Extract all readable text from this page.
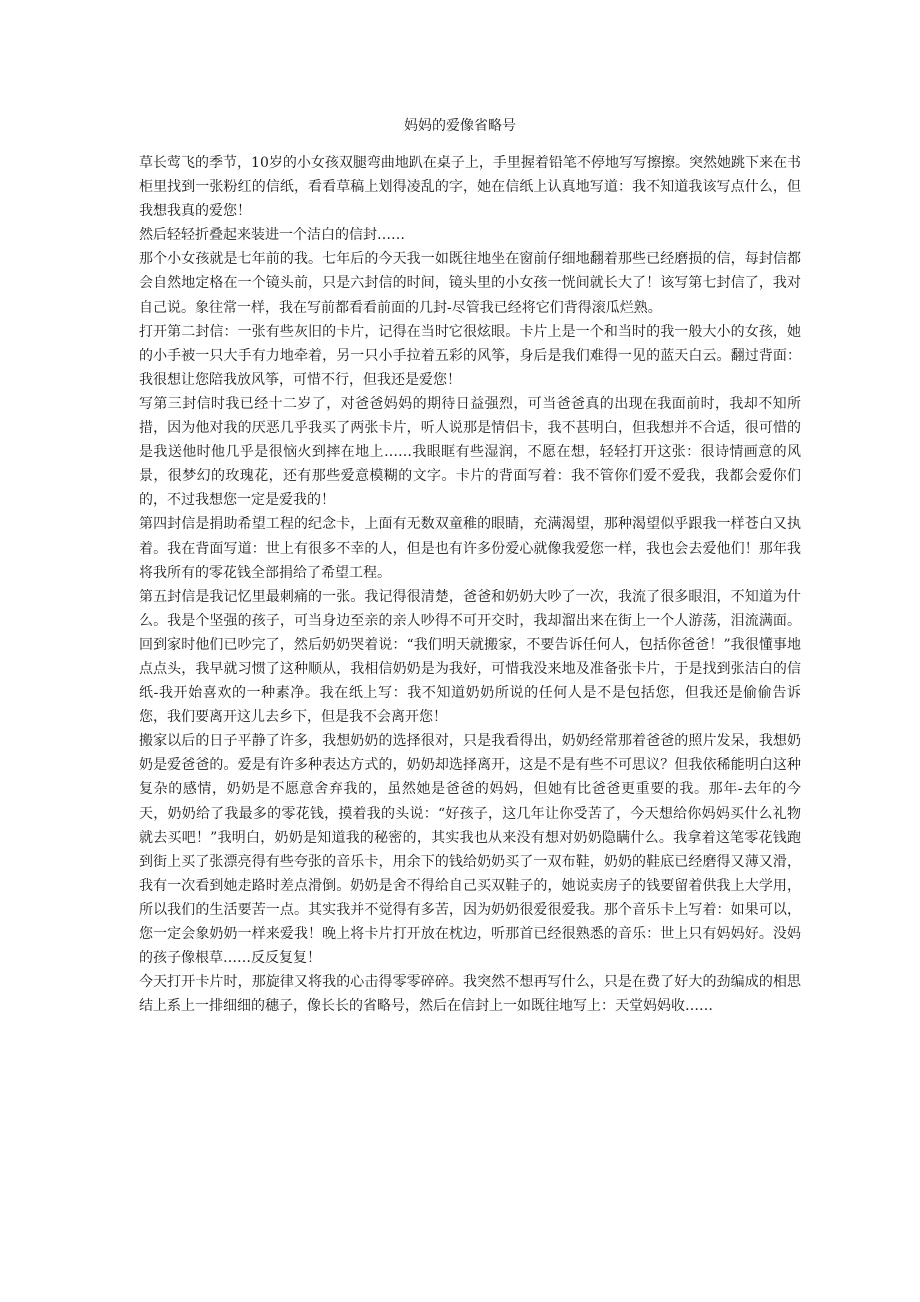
妈妈的爱像省略号

草长莺飞的季节，10岁的小女孩双腿弯曲地趴在桌子上，手里握着铅笔不停地写写擦擦。突然她跳下来在书柜里找到一张粉红的信纸，看看草稿上划得凌乱的字，她在信纸上认真地写道：我不知道我该写点什么，但我想我真的爱您！

然后轻轻折叠起来装进一个洁白的信封……

那个小女孩就是七年前的我。七年后的今天我一如既往地坐在窗前仔细地翻着那些已经磨损的信，每封信都会自然地定格在一个镜头前，只是六封信的时间，镜头里的小女孩一恍间就长大了！该写第七封信了，我对自己说。象往常一样，我在写前都看看前面的几封-尽管我已经将它们背得滚瓜烂熟。

打开第二封信：一张有些灰旧的卡片，记得在当时它很炫眼。卡片上是一个和当时的我一般大小的女孩，她的小手被一只大手有力地牵着，另一只小手拉着五彩的风筝，身后是我们难得一见的蓝天白云。翻过背面：我很想让您陪我放风筝，可惜不行，但我还是爱您！

写第三封信时我已经十二岁了，对爸爸妈妈的期待日益强烈，可当爸爸真的出现在我面前时，我却不知所措，因为他对我的厌恶几乎我买了两张卡片，听人说那是情侣卡，我不甚明白，但我想并不合适，很可惜的是我送他时他几乎是很恼火到摔在地上……我眼眶有些湿润，不愿在想，轻轻打开这张：很诗情画意的风景，很梦幻的玫瑰花，还有那些爱意模糊的文字。卡片的背面写着：我不管你们爱不爱我，我都会爱你们的，不过我想您一定是爱我的！

第四封信是捐助希望工程的纪念卡，上面有无数双童稚的眼睛，充满渴望，那种渴望似乎跟我一样苍白又执着。我在背面写道：世上有很多不幸的人，但是也有许多份爱心就像我爱您一样，我也会去爱他们！那年我将我所有的零花钱全部捐给了希望工程。

第五封信是我记忆里最刺痛的一张。我记得很清楚，爸爸和奶奶大吵了一次，我流了很多眼泪，不知道为什么。我是个坚强的孩子，可当身边至亲的亲人吵得不可开交时，我却溜出来在街上一个人游荡，泪流满面。回到家时他们已吵完了，然后奶奶哭着说：“我们明天就搬家，不要告诉任何人，包括你爸爸！”我很懂事地点点头，我早就习惯了这种顺从，我相信奶奶是为我好，可惜我没来地及准备张卡片，于是找到张洁白的信纸-我开始喜欢的一种素净。我在纸上写：我不知道奶奶所说的任何人是不是包括您，但我还是偷偷告诉您，我们要离开这儿去乡下，但是我不会离开您！

搬家以后的日子平静了许多，我想奶奶的选择很对，只是我看得出，奶奶经常那着爸爸的照片发呆，我想奶奶是爱爸爸的。爱是有许多种表达方式的，奶奶却选择离开，这是不是有些不可思议？但我依稀能明白这种复杂的感情，奶奶是不愿意舍弃我的，虽然她是爸爸的妈妈，但她有比爸爸更重要的我。那年-去年的今天，奶奶给了我最多的零花钱，摸着我的头说：“好孩子，这几年让你受苦了，今天想给你妈妈买什么礼物就去买吧！”我明白，奶奶是知道我的秘密的，其实我也从来没有想对奶奶隐瞒什么。我拿着这笔零花钱跑到街上买了张漂亮得有些夸张的音乐卡，用余下的钱给奶奶买了一双布鞋，奶奶的鞋底已经磨得又薄又滑，我有一次看到她走路时差点滑倒。奶奶是舍不得给自己买双鞋子的，她说卖房子的钱要留着供我上大学用，所以我们的生活要苦一点。其实我并不觉得有多苦，因为奶奶很爱很爱我。那个音乐卡上写着：如果可以，您一定会象奶奶一样来爱我！晚上将卡片打开放在枕边，听那首已经很熟悉的音乐：世上只有妈妈好。没妈的孩子像根草……反反复复！

今天打开卡片时，那旋律又将我的心击得零零碎碎。我突然不想再写什么，只是在费了好大的劲编成的相思结上系上一排细细的穗子，像长长的省略号，然后在信封上一如既往地写上：天堂妈妈收……
